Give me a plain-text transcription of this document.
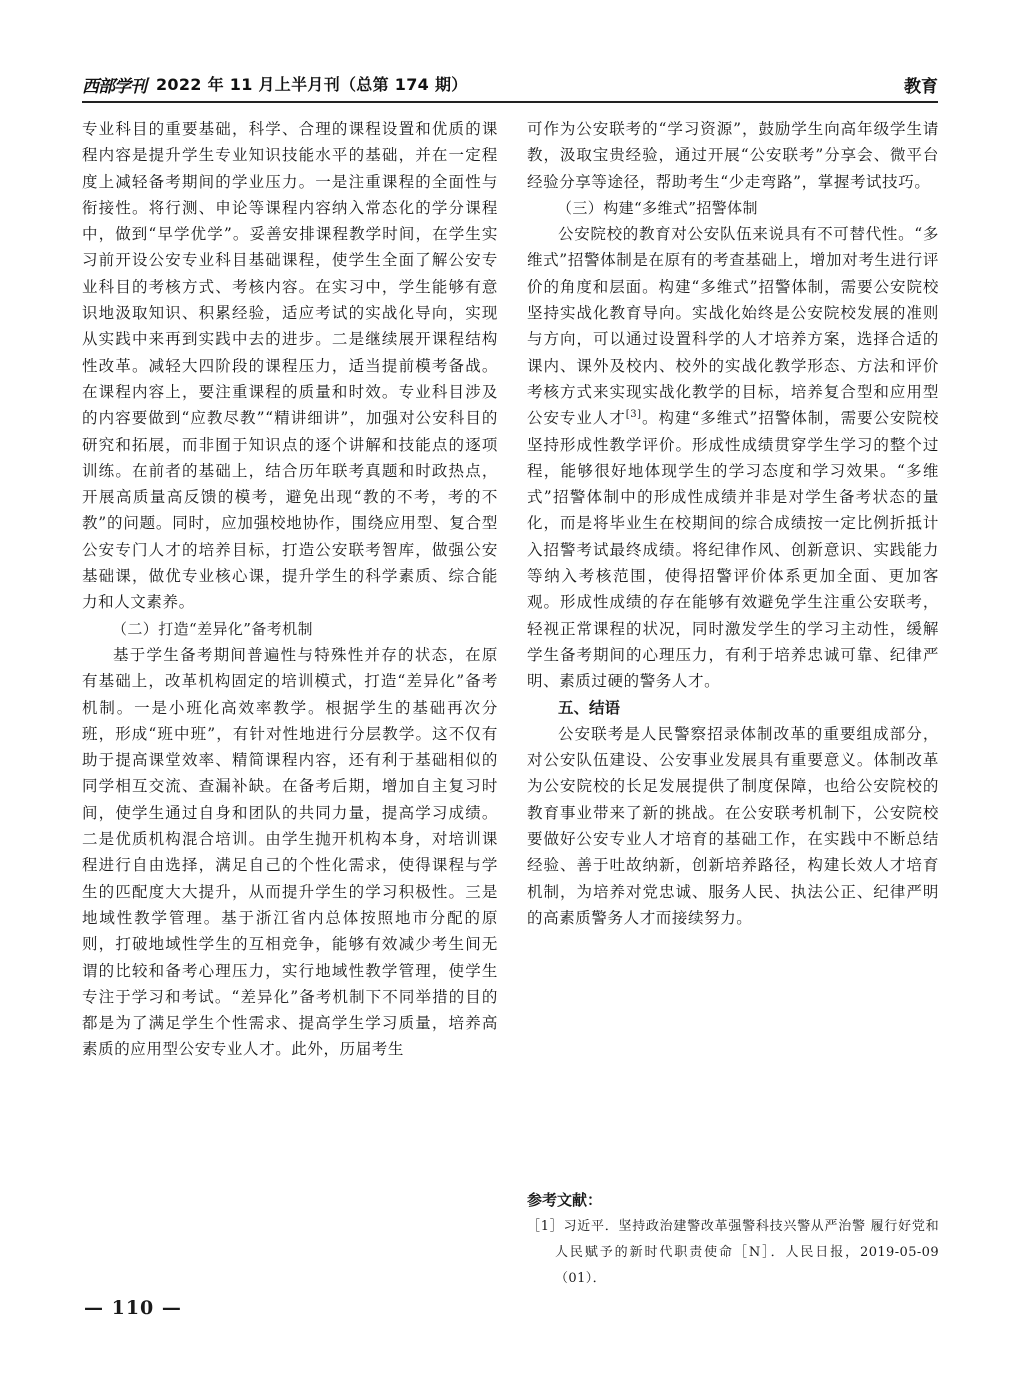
西部学刊 2022 年 11 月上半月刊（总第 174 期）	教育

专业科目的重要基础，科学、合理的课程设置和优质的课程内容是提升学生专业知识技能水平的基础，并在一定程度上减轻备考期间的学业压力。一是注重课程的全面性与衔接性。将行测、申论等课程内容纳入常态化的学分课程中，做到“早学优学”。妥善安排课程教学时间，在学生实习前开设公安专业科目基础课程，使学生全面了解公安专业科目的考核方式、考核内容。在实习中，学生能够有意识地汲取知识、积累经验，适应考试的实战化导向，实现从实践中来再到实践中去的进步。二是继续展开课程结构性改革。减轻大四阶段的课程压力，适当提前模考备战。在课程内容上，要注重课程的质量和时效。专业科目涉及的内容要做到“应教尽教”“精讲细讲”，加强对公安科目的研究和拓展，而非囿于知识点的逐个讲解和技能点的逐项训练。在前者的基础上，结合历年联考真题和时政热点，开展高质量高反馈的模考，避免出现“教的不考，考的不教”的问题。同时，应加强校地协作，围绕应用型、复合型公安专门人才的培养目标，打造公安联考智库，做强公安基础课，做优专业核心课，提升学生的科学素质、综合能力和人文素养。

（二）打造“差异化”备考机制

基于学生备考期间普遍性与特殊性并存的状态，在原有基础上，改革机构固定的培训模式，打造“差异化”备考机制。一是小班化高效率教学。根据学生的基础再次分班，形成“班中班”，有针对性地进行分层教学。这不仅有助于提高课堂效率、精简课程内容，还有利于基础相似的同学相互交流、查漏补缺。在备考后期，增加自主复习时间，使学生通过自身和团队的共同力量，提高学习成绩。二是优质机构混合培训。由学生抛开机构本身，对培训课程进行自由选择，满足自己的个性化需求，使得课程与学生的匹配度大大提升，从而提升学生的学习积极性。三是地域性教学管理。基于浙江省内总体按照地市分配的原则，打破地域性学生的互相竞争，能够有效减少考生间无谓的比较和备考心理压力，实行地域性教学管理，使学生专注于学习和考试。“差异化”备考机制下不同举措的目的都是为了满足学生个性需求、提高学生学习质量，培养高素质的应用型公安专业人才。此外，历届考生

可作为公安联考的“学习资源”，鼓励学生向高年级学生请教，汲取宝贵经验，通过开展“公安联考”分享会、微平台经验分享等途径，帮助考生“少走弯路”，掌握考试技巧。

（三）构建“多维式”招警体制

公安院校的教育对公安队伍来说具有不可替代性。“多维式”招警体制是在原有的考查基础上，增加对考生进行评价的角度和层面。构建“多维式”招警体制，需要公安院校坚持实战化教育导向。实战化始终是公安院校发展的准则与方向，可以通过设置科学的人才培养方案，选择合适的课内、课外及校内、校外的实战化教学形态、方法和评价考核方式来实现实战化教学的目标，培养复合型和应用型公安专业人才[3]。构建“多维式”招警体制，需要公安院校坚持形成性教学评价。形成性成绩贯穿学生学习的整个过程，能够很好地体现学生的学习态度和学习效果。“多维式”招警体制中的形成性成绩并非是对学生备考状态的量化，而是将毕业生在校期间的综合成绩按一定比例折抵计入招警考试最终成绩。将纪律作风、创新意识、实践能力等纳入考核范围，使得招警评价体系更加全面、更加客观。形成性成绩的存在能够有效避免学生注重公安联考，轻视正常课程的状况，同时激发学生的学习主动性，缓解学生备考期间的心理压力，有利于培养忠诚可靠、纪律严明、素质过硬的警务人才。

五、结语

公安联考是人民警察招录体制改革的重要组成部分，对公安队伍建设、公安事业发展具有重要意义。体制改革为公安院校的长足发展提供了制度保障，也给公安院校的教育事业带来了新的挑战。在公安联考机制下，公安院校要做好公安专业人才培育的基础工作，在实践中不断总结经验、善于吐故纳新，创新培养路径，构建长效人才培育机制，为培养对党忠诚、服务人民、执法公正、纪律严明的高素质警务人才而接续努力。

参考文献：
［1］习近平．坚持政治建警改革强警科技兴警从严治警 履行好党和人民赋予的新时代职责使命［N］．人民日报，2019-05-09（01）．
— 110 —
